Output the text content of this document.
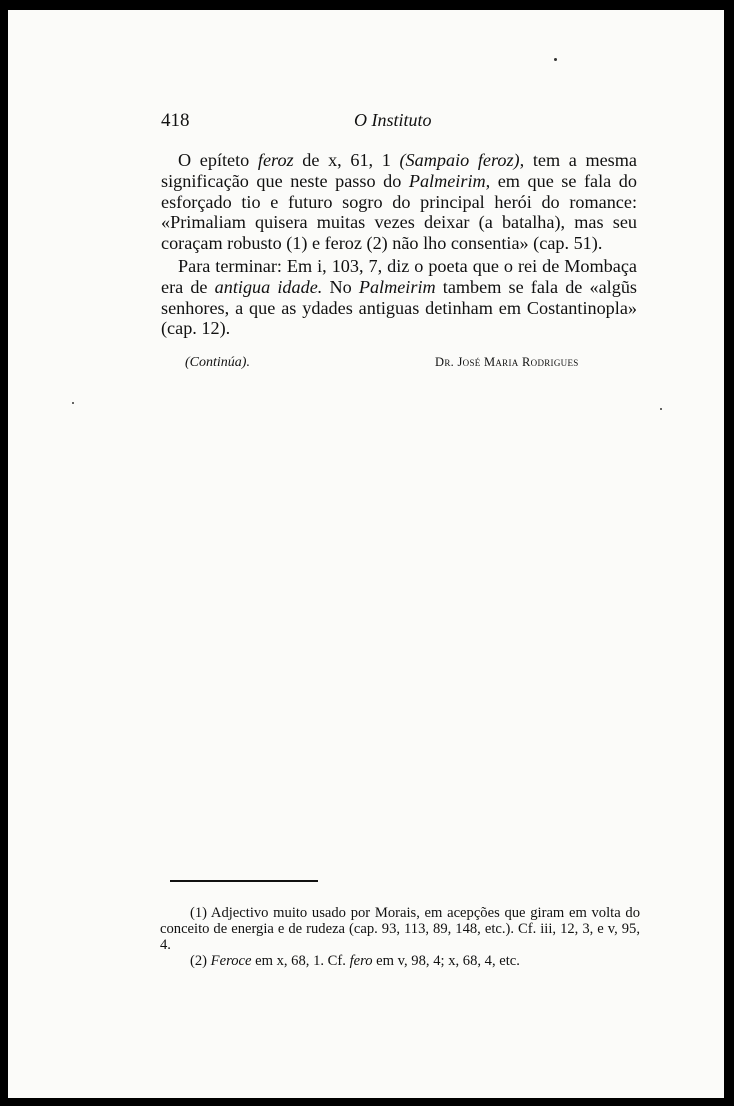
418	O Instituto

O epíteto feroz de x, 61, 1 (Sampaio feroz), tem a mesma significação que neste passo do Palmeirim, em que se fala do esforçado tio e futuro sogro do principal herói do romance: «Primaliam quisera muitas vezes deixar (a batalha), mas seu coraçam robusto (1) e feroz (2) não lho consentia» (cap. 51).

Para terminar: Em i, 103, 7, diz o poeta que o rei de Mombaça era de antigua idade. No Palmeirim tambem se fala de «algũs senhores, a que as ydades antiguas detinham em Costantinopla» (cap. 12).

(Continúa).	Dr. José Maria Rodrigues

(1) Adjectivo muito usado por Morais, em acepções que giram em volta do conceito de energia e de rudeza (cap. 93, 113, 89, 148, etc.). Cf. iii, 12, 3, e v, 95, 4.

(2) Feroce em x, 68, 1. Cf. fero em v, 98, 4; x, 68, 4, etc.
